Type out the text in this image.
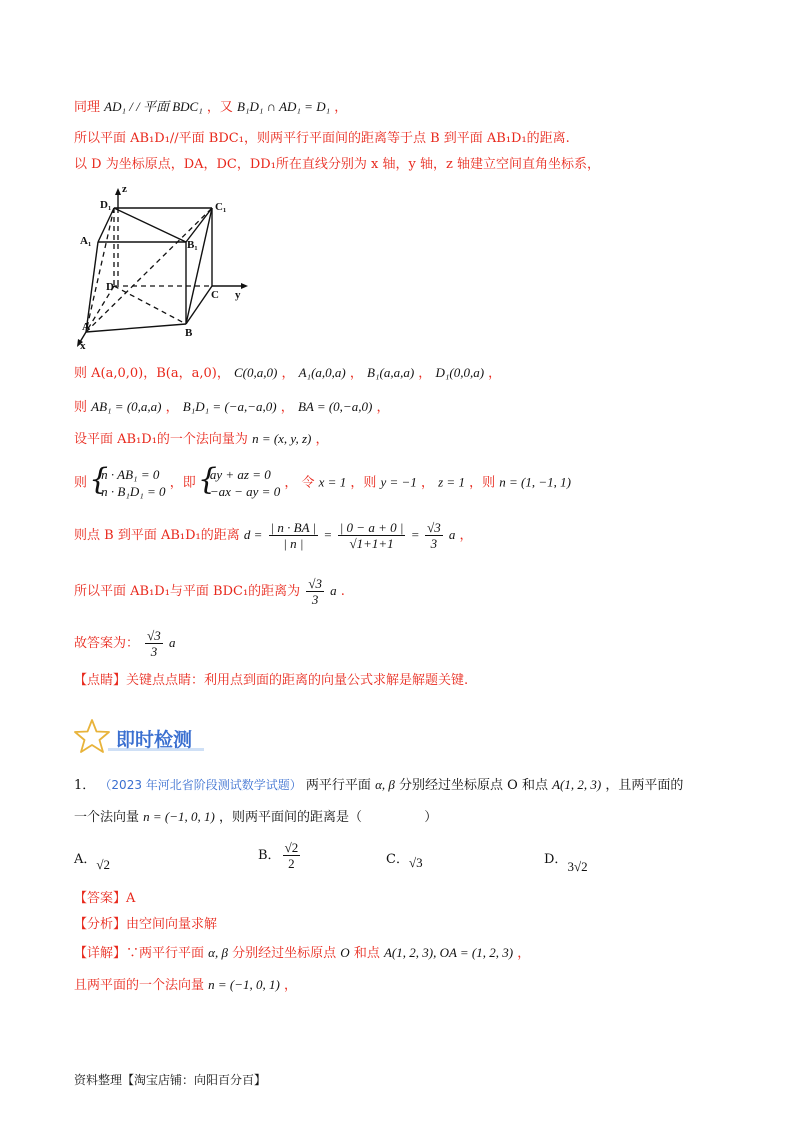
同理 AD₁ / / 平面 BDC₁ ，又 B₁D₁ ∩ AD₁ = D₁ ，
所以平面 AB₁D₁//平面 BDC₁，则两平行平面间的距离等于点 B 到平面 AB₁D₁的距离.
以 D 为坐标原点，DA，DC，DD₁所在直线分别为 x 轴，y 轴，z 轴建立空间直角坐标系，
z
D₁	C₁
A₁	B₁
D
C y
A	B
x
则 A(a,0,0)，B(a，a,0)， C(0,a,0) ， A₁(a,0,a) ， B₁(a,a,a) ， D₁(0,0,a) ，
则 AB₁ = (0,a,a) ， B₁D₁ = (−a,−a,0) ， BA = (0,−a,0) ，
设平面 AB₁D₁的一个法向量为 n = (x, y, z) ，
则
{ n · AB₁ = 0
n · B₁D₁ = 0
，即
{ ay + az = 0
−ax − ay = 0
， 令 x = 1 ，则 y = −1 ， z = 1 ，则 n = (1, −1, 1)
则点 B 到平面 AB₁D₁的距离 $d = \frac{| n \cdot BA |}{| n |} = \frac{| 0 - a + 0 |}{√1+1+1} = \frac{√3}{3}$ a ，
所以平面 AB₁D₁与平面 BDC₁的距离为 $\frac{√3}{3}$ a .
故答案为： $\frac{√3}{3}$ a
【点睛】关键点点睛：利用点到面的距离的向量公式求解是解题关键.
即时检测
1． （2023 年河北省阶段测试数学试题） 两平行平面 α, β 分别经过坐标原点 O 和点 A(1, 2, 3) ，且两平面的
一个法向量 n = (−1, 0, 1) ，则两平面间的距离是（	）
A．√2
B． $\frac{√2}{2}$	C．√3	D．3√2
【答案】A
【分析】由空间向量求解
【详解】∵两平行平面 α, β 分别经过坐标原点 O 和点 A(1, 2, 3), OA = (1, 2, 3) ，
且两平面的一个法向量 n = (−1, 0, 1) ，
资料整理【淘宝店铺：向阳百分百】
